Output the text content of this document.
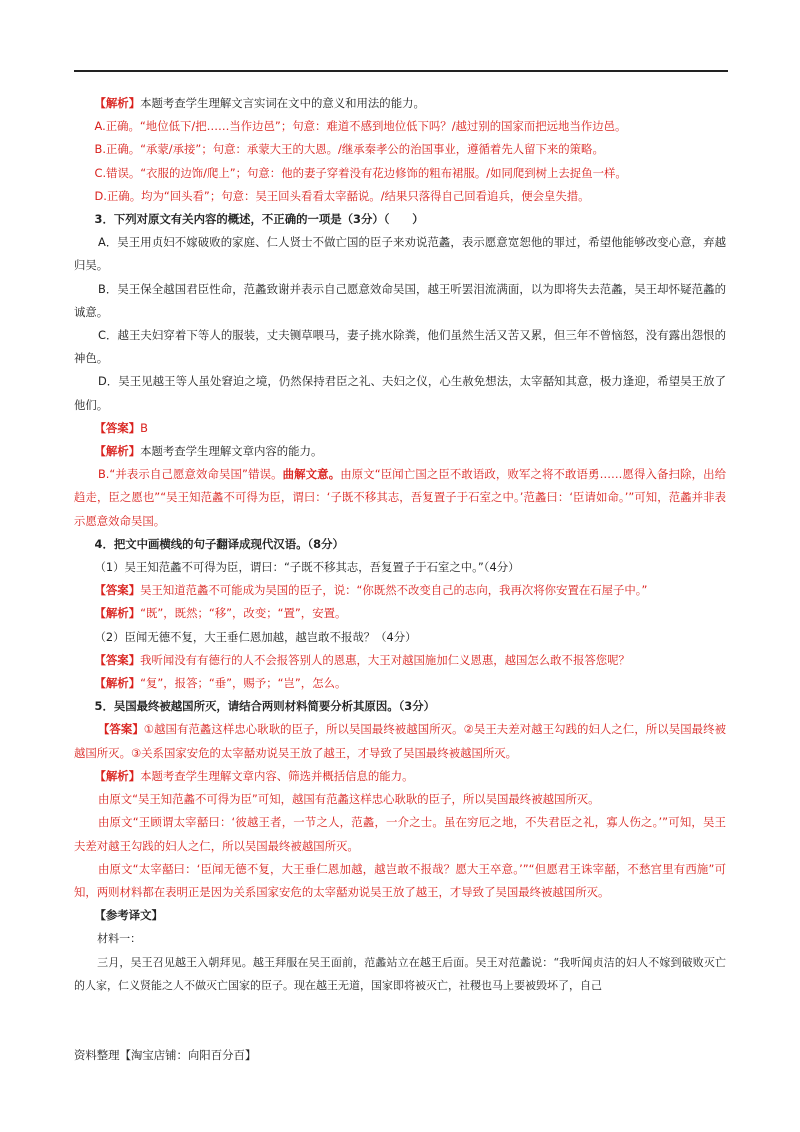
【解析】本题考查学生理解文言实词在文中的意义和用法的能力。
A.正确。“地位低下/把……当作边邑”；句意：难道不感到地位低下吗？/越过别的国家而把远地当作边邑。
B.正确。“承蒙/承接”；句意：承蒙大王的大恩。/继承秦孝公的治国事业，遵循着先人留下来的策略。
C.错误。“衣服的边饰/爬上”；句意：他的妻子穿着没有花边修饰的粗布裙服。/如同爬到树上去捉鱼一样。
D.正确。均为“回头看”；句意：吴王回头看看太宰嚭说。/结果只落得自己回看追兵，便会皇失措。
3．下列对原文有关内容的概述，不正确的一项是（3分）（　　）
A．吴王用贞妇不嫁破败的家庭、仁人贤士不做亡国的臣子来劝说范蠡，表示愿意宽恕他的罪过，希望他能够改变心意，弃越归吴。
B．吴王保全越国君臣性命，范蠡致谢并表示自己愿意效命吴国，越王听罢泪流满面，以为即将失去范蠡，吴王却怀疑范蠡的诚意。
C．越王夫妇穿着下等人的服装，丈夫铡草喂马，妻子挑水除粪，他们虽然生活又苦又累，但三年不曾恼怒，没有露出怨恨的神色。
D．吴王见越王等人虽处窘迫之境，仍然保持君臣之礼、夫妇之仪，心生赦免想法，太宰嚭知其意，极力逢迎，希望吴王放了他们。
【答案】B
【解析】本题考查学生理解文章内容的能力。
B.“并表示自己愿意效命吴国”错误。曲解文意。由原文“臣闻亡国之臣不敢语政，败军之将不敢语勇……愿得入备扫除，出给趋走，臣之愿也”“吴王知范蠡不可得为臣，谓曰：‘子既不移其志，吾复置子于石室之中。’范蠡曰：‘臣请如命。’”可知，范蠡并非表示愿意效命吴国。
4．把文中画横线的句子翻译成现代汉语。（8分）
（1）吴王知范蠡不可得为臣，谓曰：“子既不移其志，吾复置子于石室之中。”（4分）
【答案】吴王知道范蠡不可能成为吴国的臣子，说：“你既然不改变自己的志向，我再次将你安置在石屋子中。”
【解析】“既”，既然；“移”，改变；“置”，安置。
（2）臣闻无德不复，大王垂仁恩加越，越岂敢不报哉？（4分）
【答案】我听闻没有有德行的人不会报答别人的恩惠，大王对越国施加仁义恩惠，越国怎么敢不报答您呢？
【解析】“复”，报答；“垂”，赐予；“岂”，怎么。
5．吴国最终被越国所灭，请结合两则材料简要分析其原因。（3分）
【答案】①越国有范蠡这样忠心耿耿的臣子，所以吴国最终被越国所灭。②吴王夫差对越王勾践的妇人之仁，所以吴国最终被越国所灭。③关系国家安危的太宰嚭劝说吴王放了越王，才导致了吴国最终被越国所灭。
【解析】本题考查学生理解文章内容、筛选并概括信息的能力。
由原文“吴王知范蠡不可得为臣”可知，越国有范蠡这样忠心耿耿的臣子，所以吴国最终被越国所灭。
由原文“王顾谓太宰嚭曰：‘彼越王者，一节之人，范蠡，一介之士。虽在穷厄之地，不失君臣之礼，寡人伤之。’”可知，吴王夫差对越王勾践的妇人之仁，所以吴国最终被越国所灭。
由原文“太宰嚭曰：‘臣闻无德不复，大王垂仁恩加越，越岂敢不报哉？愿大王卒意。’”“但愿君王诛宰嚭，不愁宫里有西施”可知，两则材料都在表明正是因为关系国家安危的太宰嚭劝说吴王放了越王，才导致了吴国最终被越国所灭。
【参考译文】
材料一：
三月，吴王召见越王入朝拜见。越王拜服在吴王面前，范蠡站立在越王后面。吴王对范蠡说：“我听闻贞洁的妇人不嫁到破败灭亡的人家，仁义贤能之人不做灭亡国家的臣子。现在越王无道，国家即将被灭亡，社稷也马上要被毁坏了，自己
资料整理【淘宝店铺：向阳百分百】
